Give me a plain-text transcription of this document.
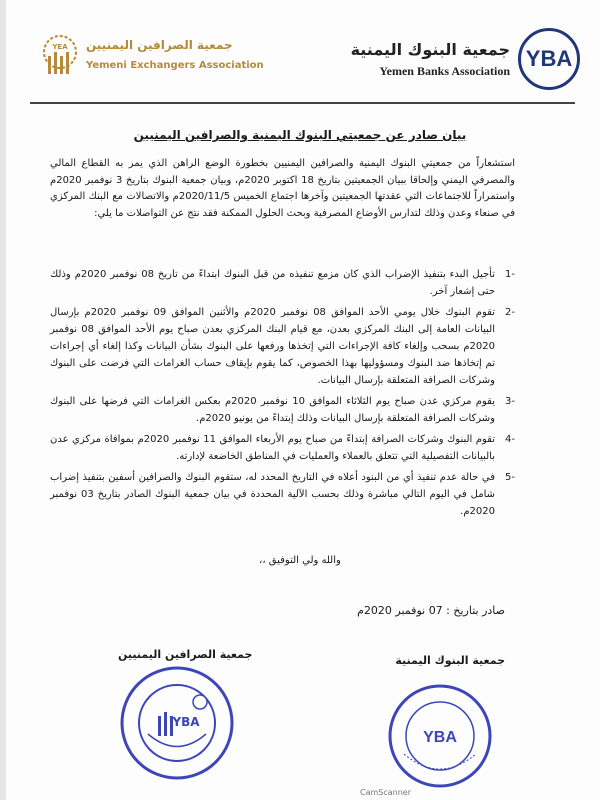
YEA جمعية الصرافين اليمنيين
Yemeni Exchangers Association
جمعية البنوك اليمنية
Yemen Banks Association YBA
بيان صادر عن جمعيتي البنوك اليمنية والصرافين اليمنيين
استشعاراً من جمعيتي البنوك اليمنية والصرافين اليمنيين بخطورة الوضع الراهن الذي يمر به القطاع المالي والمصرفي اليمني وإلحاقا ببيان الجمعيتين بتاريخ 18 اكتوبر 2020م، وبيان جمعية البنوك بتاريخ 3 نوفمبر 2020م واستمراراً للاجتماعات التي عقدتها الجمعيتين وآخرها اجتماع الخميس 2020/11/5م والاتصالات مع البنك المركزي في صنعاء وعدن وذلك لتدارس الأوضاع المصرفية وبحث الحلول الممكنة فقد نتج عن التواصلات ما يلي:
-1
تأجيل البدء بتنفيذ الإضراب الذي كان مزمع تنفيذه من قبل البنوك ابتداءً من تاريخ 08 نوفمبر 2020م وذلك حتى إشعار آخر.
-2
تقوم البنوك خلال يومي الأحد الموافق 08 نوفمبر 2020م والأثنين الموافق 09 نوفمبر 2020م بإرسال البيانات العامة إلى البنك المركزي بعدن، مع قيام البنك المركزي بعدن صباح يوم الأحد الموافق 08 نوفمبر 2020م بسحب وإلغاء كافة الإجراءات التي إتخذها ورفعها على البنوك بشأن البيانات وكذا إلغاء أي إجراءات تم إتخاذها ضد البنوك ومسؤوليها بهذا الخصوص، كما يقوم بإيقاف حساب الغرامات التي فرضت على البنوك وشركات الصرافة المتعلقة بإرسال البيانات.
-3
يقوم مركزي عدن صباح يوم الثلاثاء الموافق 10 نوفمبر 2020م بعكس الغرامات التي فرضها على البنوك وشركات الصرافة المتعلقة بإرسال البيانات وذلك إبتداءً من يونيو 2020م.
-4
تقوم البنوك وشركات الصرافة إبتداءً من صباح يوم الأربعاء الموافق 11 نوفمبر 2020م بموافاة مركزي عدن بالبيانات التفصيلية التي تتعلق بالعملاء والعمليات في المناطق الخاضعة لإدارته.
-5
في حالة عدم تنفيذ أي من البنود أعلاه في التاريخ المحدد له، ستقوم البنوك والصرافين أسفين بتنفيذ إضراب شامل في اليوم التالي مباشرة وذلك بحسب الآلية المحددة في بيان جمعية البنوك الصادر بتاريخ 03 نوفمبر 2020م.
والله ولي التوفيق ،،
صادر بتاريخ : 07 نوفمبر 2020م
جمعية الصرافين اليمنيين	جمعية البنوك اليمنية
YBA
YBA
CamScanner
